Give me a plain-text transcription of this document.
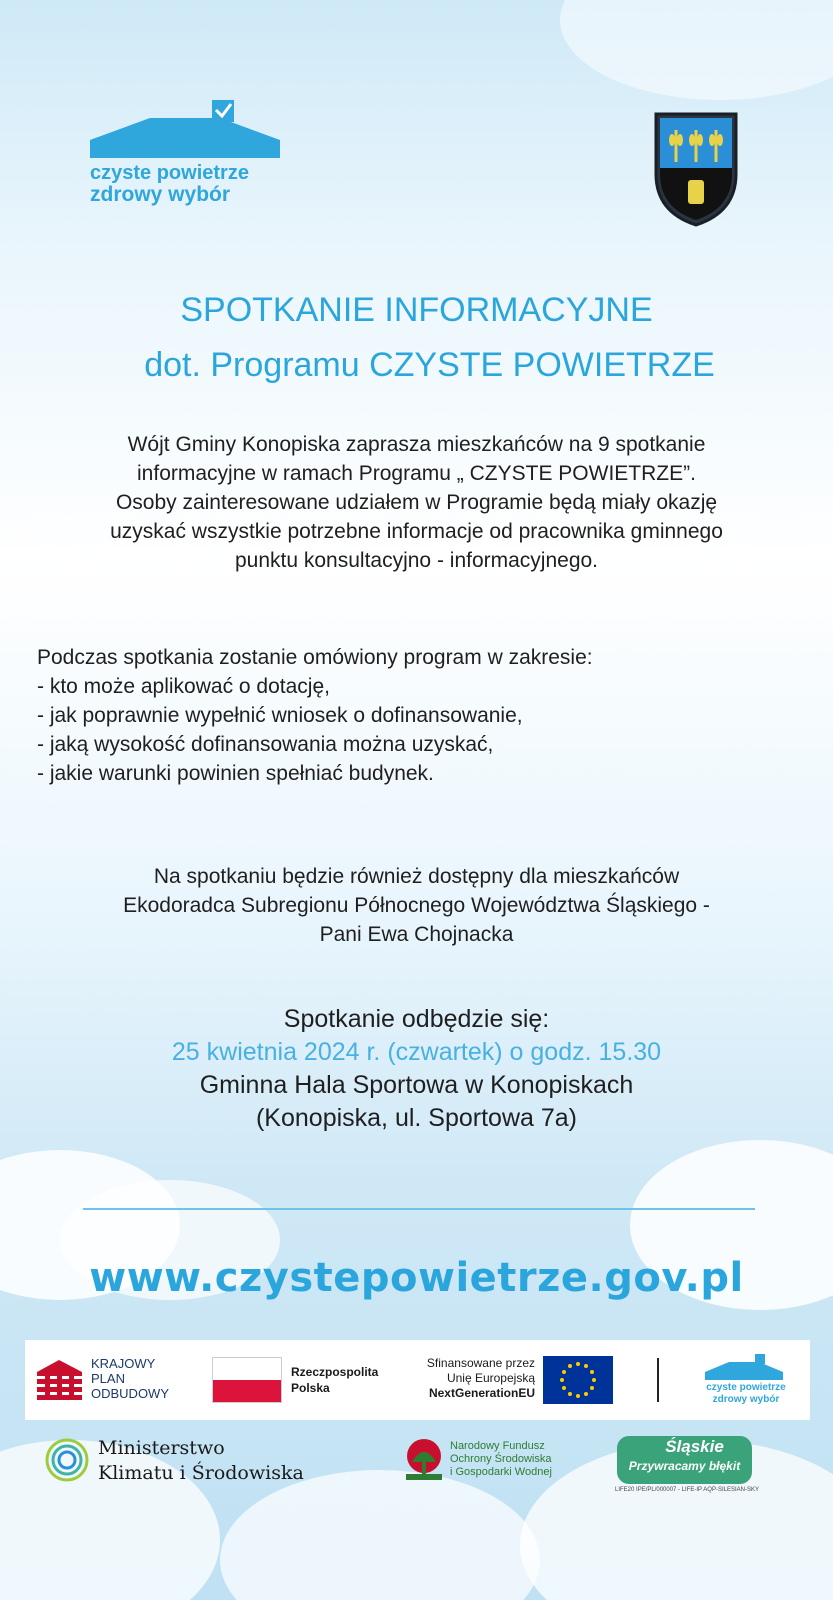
czyste powietrze
zdrowy wybór
SPOTKANIE INFORMACYJNE
dot. Programu CZYSTE POWIETRZE
Wójt Gminy Konopiska zaprasza mieszkańców na 9 spotkanie
informacyjne w ramach Programu „ CZYSTE POWIETRZE”.
Osoby zainteresowane udziałem w Programie będą miały okazję
uzyskać wszystkie potrzebne informacje od pracownika gminnego
punktu konsultacyjno - informacyjnego.
Podczas spotkania zostanie omówiony program w zakresie:
- kto może aplikować o dotację,
- jak poprawnie wypełnić wniosek o dofinansowanie,
- jaką wysokość dofinansowania można uzyskać,
- jakie warunki powinien spełniać budynek.
Na spotkaniu będzie również dostępny dla mieszkańców
Ekodoradca Subregionu Północnego Województwa Śląskiego -
Pani Ewa Chojnacka
Spotkanie odbędzie się:
25 kwietnia 2024 r. (czwartek) o godz. 15.30
Gminna Hala Sportowa w Konopiskach
(Konopiska, ul. Sportowa 7a)
www.czystepowietrze.gov.pl
KRAJOWY
PLAN
ODBUDOWY
Rzeczpospolita
Polska
Sfinansowane przez
Unię Europejską
NextGenerationEU	czyste powietrze
zdrowy wybór
Ministerstwo
Klimatu i Środowiska
Narodowy Fundusz
Ochrony Środowiska
i Gospodarki Wodnej
Śląskie
Przywracamy błękit
LIFE20 IPE/PL/000007 - LIFE-IP AQP-SILESIAN-SKY
